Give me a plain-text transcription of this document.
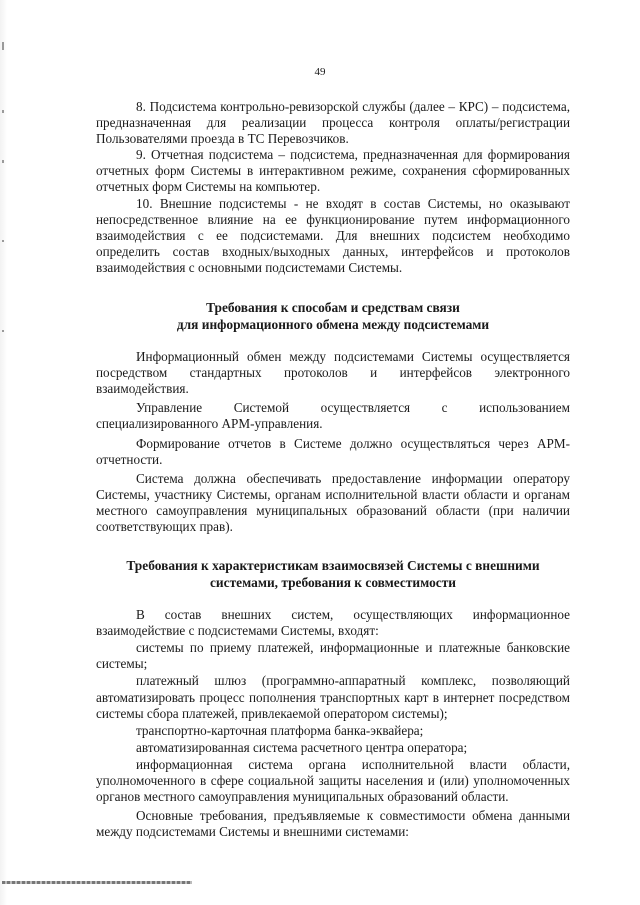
49

8. Подсистема контрольно-ревизорской службы (далее – КРС) – подсистема, предназначенная для реализации процесса контроля оплаты/регистрации Пользователями проезда в ТС Перевозчиков.

9. Отчетная подсистема – подсистема, предназначенная для формирования отчетных форм Системы в интерактивном режиме, сохранения сформированных отчетных форм Системы на компьютер.

10. Внешние подсистемы - не входят в состав Системы, но оказывают непосредственное влияние на ее функционирование путем информационного взаимодействия с ее подсистемами. Для внешних подсистем необходимо определить состав входных/выходных данных, интерфейсов и протоколов взаимодействия с основными подсистемами Системы.

Требования к способам и средствам связи
для информационного обмена между подсистемами

Информационный обмен между подсистемами Системы осуществляется посредством стандартных протоколов и интерфейсов электронного взаимодействия.

Управление Системой осуществляется с использованием специализированного АРМ-управления.

Формирование отчетов в Системе должно осуществляться через АРМ-отчетности.

Система должна обеспечивать предоставление информации оператору Системы, участнику Системы, органам исполнительной власти области и органам местного самоуправления муниципальных образований области (при наличии соответствующих прав).

Требования к характеристикам взаимосвязей Системы с внешними
системами, требования к совместимости

В состав внешних систем, осуществляющих информационное взаимодействие с подсистемами Системы, входят:

системы по приему платежей, информационные и платежные банковские системы;

платежный шлюз (программно-аппаратный комплекс, позволяющий автоматизировать процесс пополнения транспортных карт в интернет посредством системы сбора платежей, привлекаемой оператором системы);

транспортно-карточная платформа банка-эквайера;

автоматизированная система расчетного центра оператора;

информационная система органа исполнительной власти области, уполномоченного в сфере социальной защиты населения и (или) уполномоченных органов местного самоуправления муниципальных образований области.

Основные требования, предъявляемые к совместимости обмена данными между подсистемами Системы и внешними системами:
